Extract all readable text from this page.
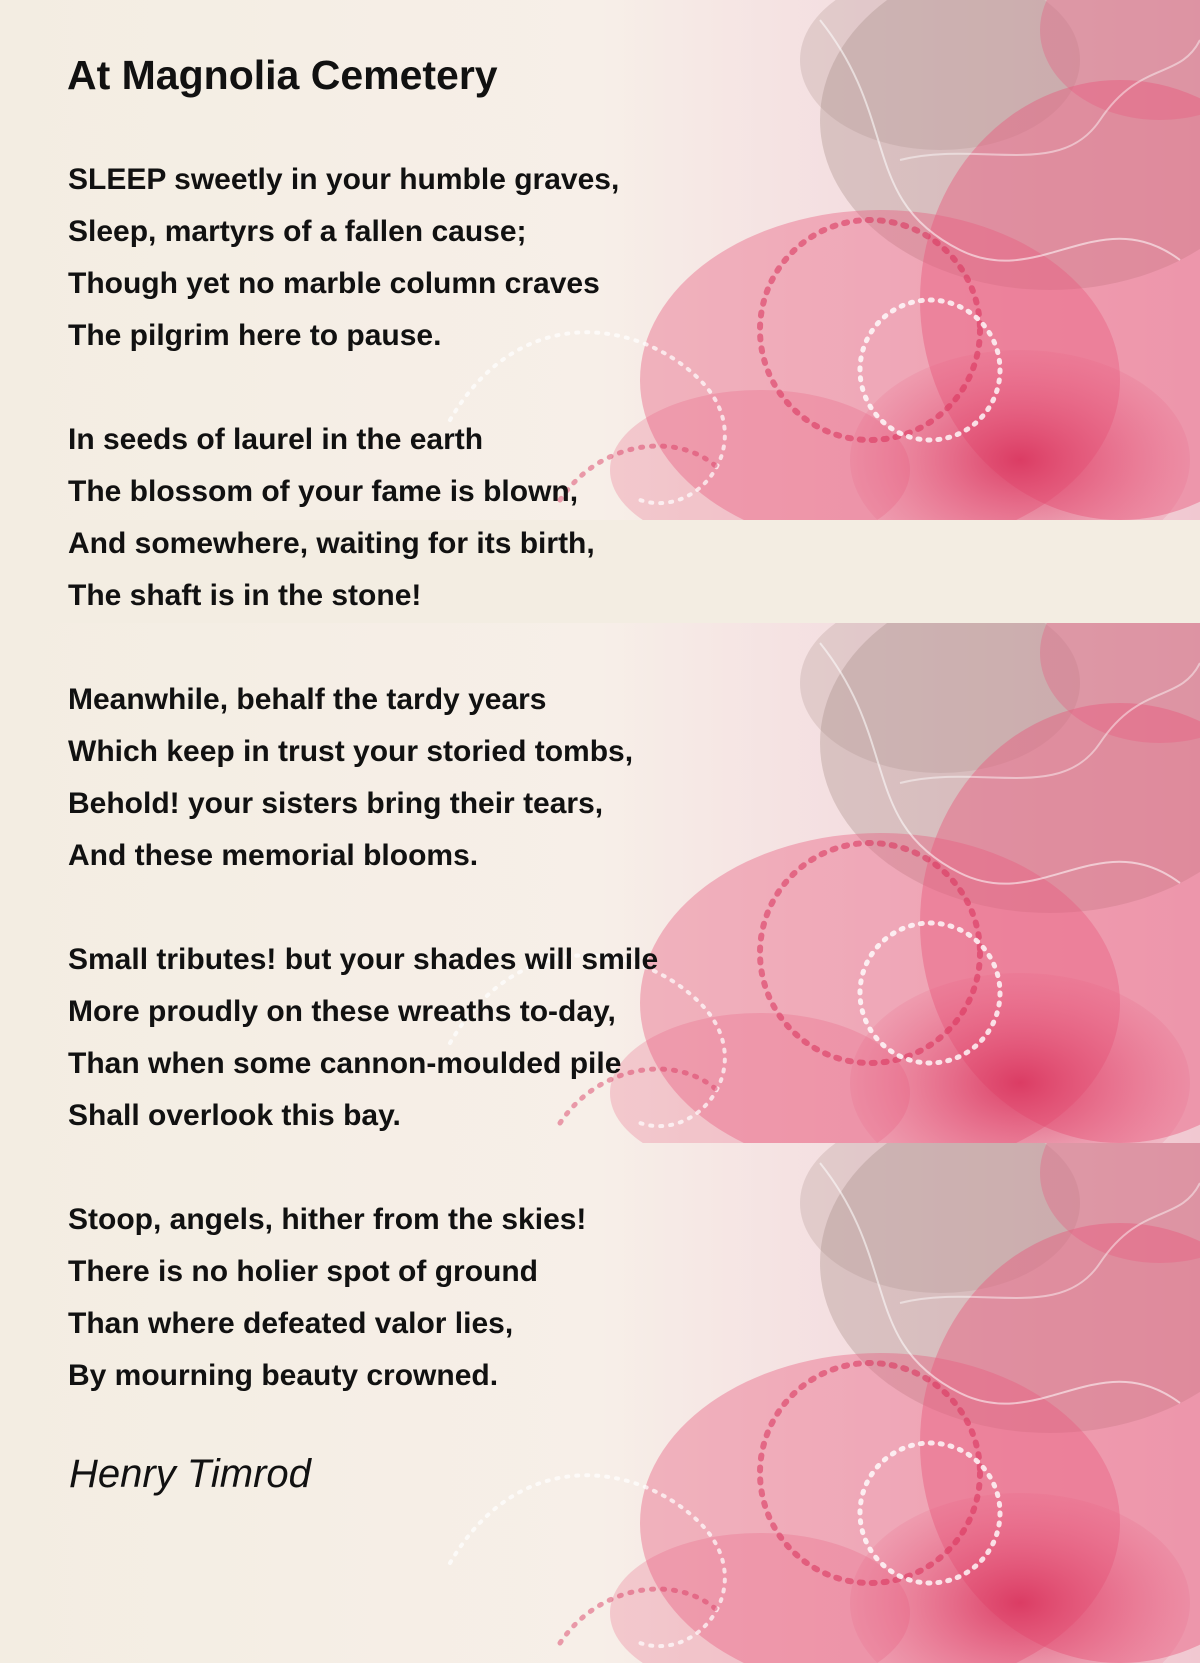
At Magnolia Cemetery
SLEEP sweetly in your humble graves,
Sleep, martyrs of a fallen cause;
Though yet no marble column craves
The pilgrim here to pause.
In seeds of laurel in the earth
The blossom of your fame is blown,
And somewhere, waiting for its birth,
The shaft is in the stone!
Meanwhile, behalf the tardy years
Which keep in trust your storied tombs,
Behold! your sisters bring their tears,
And these memorial blooms.
Small tributes! but your shades will smile
More proudly on these wreaths to-day,
Than when some cannon-moulded pile
Shall overlook this bay.
Stoop, angels, hither from the skies!
There is no holier spot of ground
Than where defeated valor lies,
By mourning beauty crowned.

Henry Timrod
